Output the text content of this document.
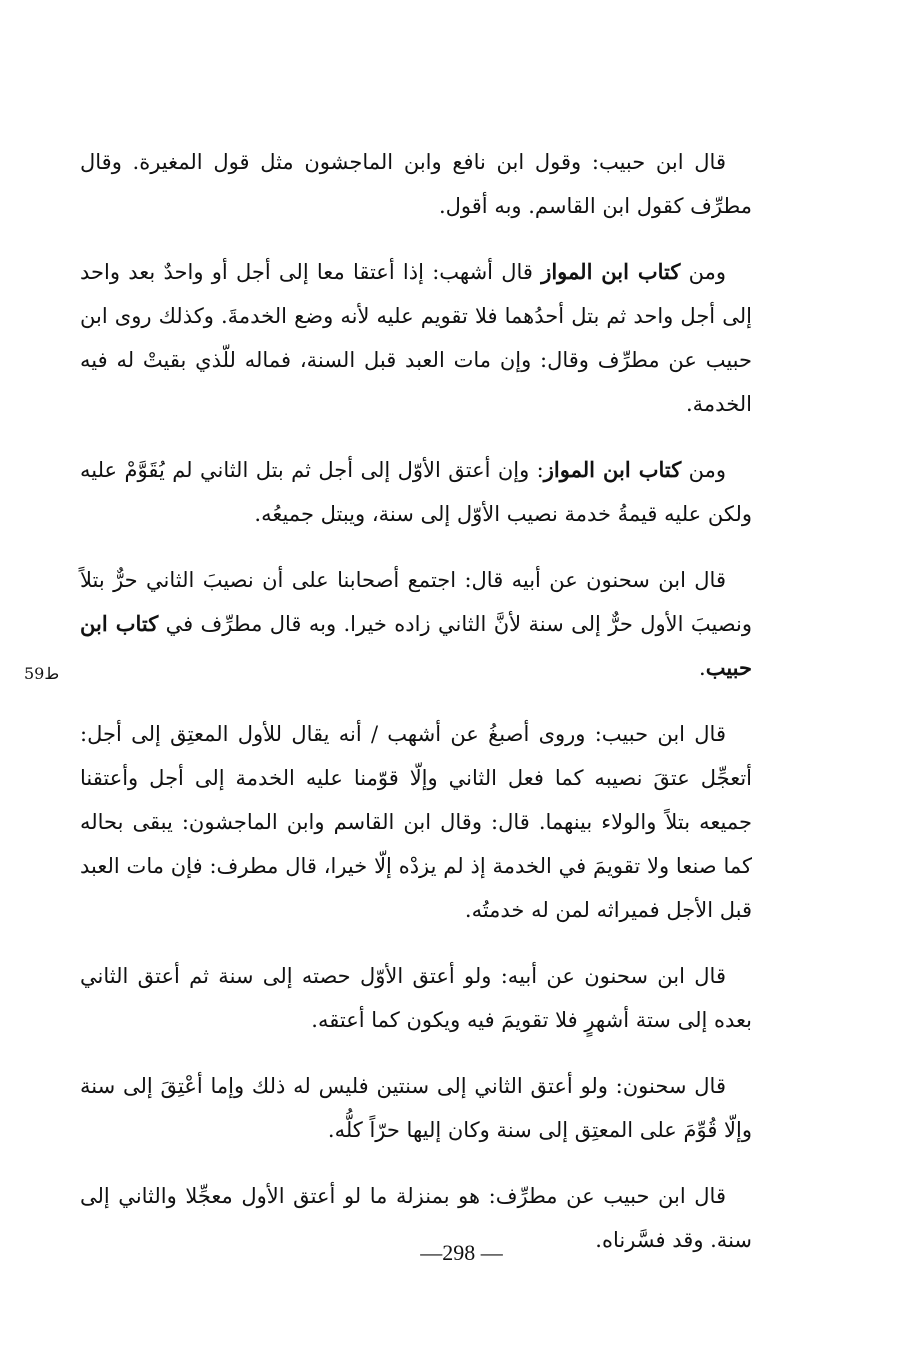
قال ابن حبيب: وقول ابن نافع وابن الماجشون مثل قول المغيرة. وقال مطرِّف كقول ابن القاسم. وبه أقول.

ومن كتاب ابن المواز قال أشهب: إذا أعتقا معا إلى أجل أو واحدٌ بعد واحد إلى أجل واحد ثم بتل أحدُهما فلا تقويم عليه لأنه وضع الخدمةَ. وكذلك روى ابن حبيب عن مطرِّف وقال: وإن مات العبد قبل السنة، فماله للّذي بقيتْ له فيه الخدمة.

ومن كتاب ابن المواز: وإن أعتق الأوّل إلى أجل ثم بتل الثاني لم يُقَوَّمْ عليه ولكن عليه قيمةُ خدمة نصيب الأوّل إلى سنة، ويبتل جميعُه.

قال ابن سحنون عن أبيه قال: اجتمع أصحابنا على أن نصيبَ الثاني حرٌّ بتلاً ونصيبَ الأول حرٌّ إلى سنة لأنَّ الثاني زاده خيرا. وبه قال مطرِّف في كتاب ابن حبيب.

قال ابن حبيب: وروى أصبغُ عن أشهب / أنه يقال للأول المعتِق إلى أجل: أتعجِّل عتقَ نصيبه كما فعل الثاني وإلّا قوّمنا عليه الخدمة إلى أجل وأعتقنا جميعه بتلاً والولاء بينهما. قال: وقال ابن القاسم وابن الماجشون: يبقى بحاله كما صنعا ولا تقويمَ في الخدمة إذ لم يزدْه إلّا خيرا، قال مطرف: فإن مات العبد قبل الأجل فميراثه لمن له خدمتُه.

قال ابن سحنون عن أبيه: ولو أعتق الأوّل حصته إلى سنة ثم أعتق الثاني بعده إلى ستة أشهرٍ فلا تقويمَ فيه ويكون كما أعتقه.

قال سحنون: ولو أعتق الثاني إلى سنتين فليس له ذلك وإما أعْتِقَ إلى سنة وإلّا قُوِّمَ على المعتِق إلى سنة وكان إليها حرّاً كلُّه.

قال ابن حبيب عن مطرِّف: هو بمنزلة ما لو أعتق الأول معجِّلا والثاني إلى سنة. وقد فسَّرناه.

ط59
—298 —
